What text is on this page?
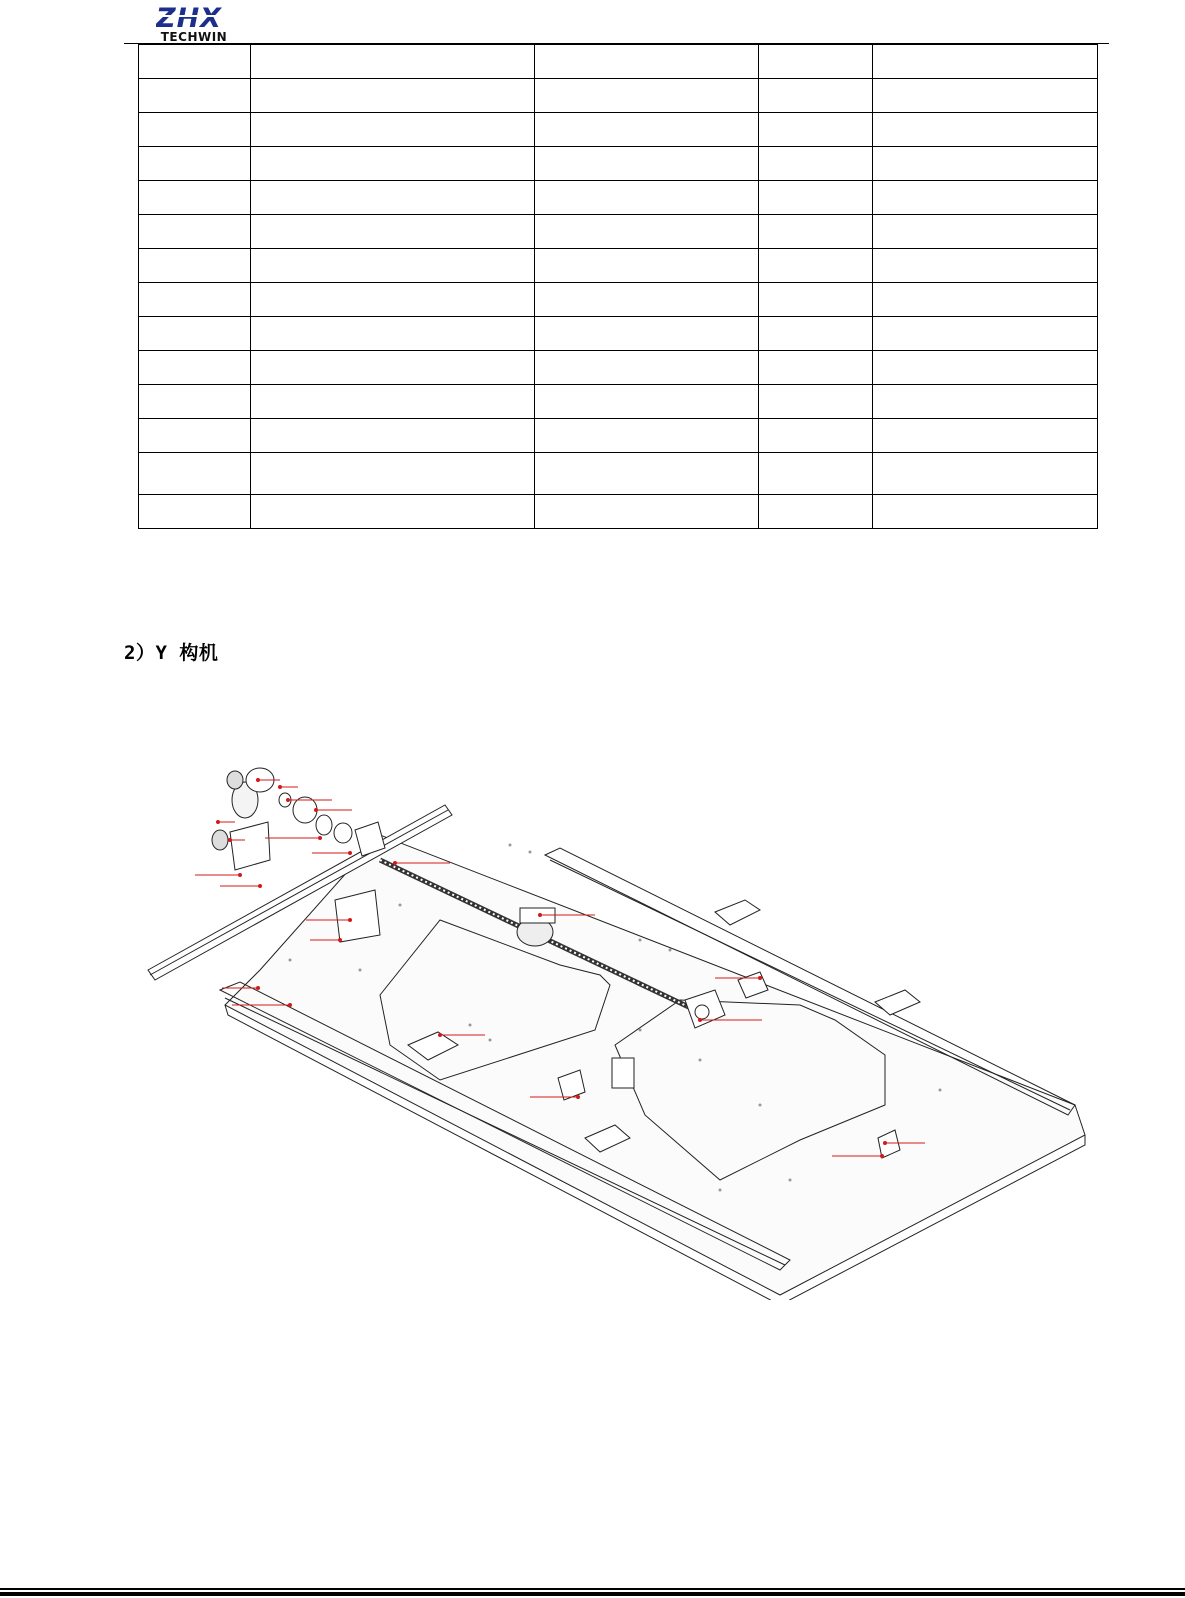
ZHX
TECHWIN

2）Y 构机
